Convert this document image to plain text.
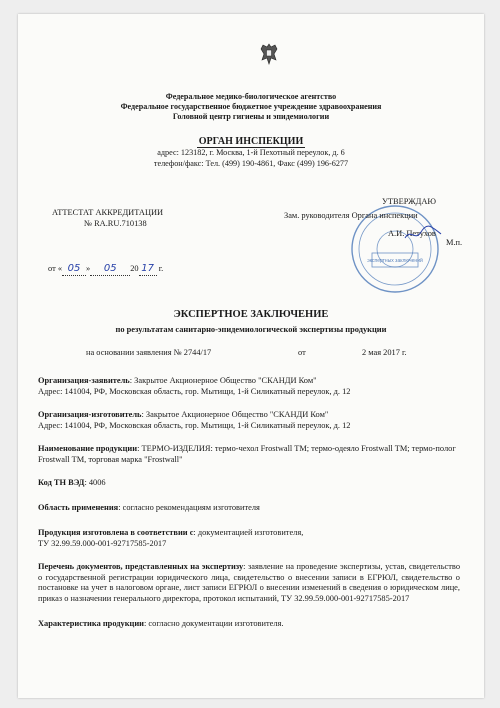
Федеральное медико-биологическое агентство
Федеральное государственное бюджетное учреждение здравоохранения
Головной центр гигиены и эпидемиологии
ОРГАН ИНСПЕКЦИИ
адрес: 123182, г. Москва, 1-й Пехотный переулок, д. 6
телефон/факс: Тел. (499) 190-4861, Факс (499) 196-6277
АТТЕСТАТ АККРЕДИТАЦИИ
№ RA.RU.710138
экспертных заключений
УТВЕРЖДАЮ
Зам. руководителя Органа инспекции
А.И. Петухов
М.п.
от « 05 » 05 20 17 г.
ЭКСПЕРТНОЕ ЗАКЛЮЧЕНИЕ
по результатам санитарно-эпидемиологической экспертизы продукции
на основании заявления № 2744/17	от	2 мая 2017 г.
Организация-заявитель: Закрытое Акционерное Общество "СКАНДИ Ком"
Адрес: 141004, РФ, Московская область, гор. Мытищи, 1-й Силикатный переулок, д. 12
Организация-изготовитель: Закрытое Акционерное Общество "СКАНДИ Ком"
Адрес: 141004, РФ, Московская область, гор. Мытищи, 1-й Силикатный переулок, д. 12
Наименование продукции: ТЕРМО-ИЗДЕЛИЯ: термо-чехол Frostwall TM; термо-одеяло Frostwall TM; термо-полог Frostwall TM, торговая марка "Frostwall"
Код ТН ВЭД: 4006
Область применения: согласно рекомендациям изготовителя
Продукция изготовлена в соответствии с: документацией изготовителя,
ТУ 32.99.59.000-001-92717585-2017
Перечень документов, представленных на экспертизу: заявление на проведение экспертизы, устав, свидетельство о государственной регистрации юридического лица, свидетельство о внесении записи в ЕГРЮЛ, свидетельство о постановке на учет в налоговом органе, лист записи ЕГРЮЛ о внесении изменений в сведения о юридическом лице, приказ о назначении генерального директора, протокол испытаний, ТУ 32.99.59.000-001-92717585-2017
Характеристика продукции: согласно документации изготовителя.
